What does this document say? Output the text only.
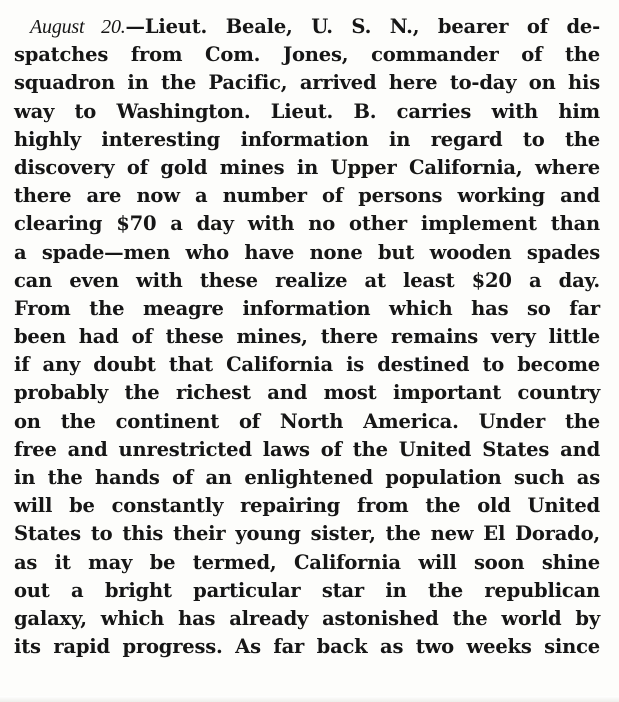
August 20.—Lieut. Beale, U. S. N., bearer of de-
spatches from Com. Jones, commander of the
squadron in the Pacific, arrived here to-day on his
way to Washington. Lieut. B. carries with him
highly interesting information in regard to the
discovery of gold mines in Upper California, where
there are now a number of persons working and
clearing $70 a day with no other implement than
a spade—men who have none but wooden spades
can even with these realize at least $20 a day.
From the meagre information which has so far
been had of these mines, there remains very little
if any doubt that California is destined to become
probably the richest and most important country
on the continent of North America. Under the
free and unrestricted laws of the United States and
in the hands of an enlightened population such as
will be constantly repairing from the old United
States to this their young sister, the new El Dorado,
as it may be termed, California will soon shine
out a bright particular star in the republican
galaxy, which has already astonished the world by
its rapid progress. As far back as two weeks since
